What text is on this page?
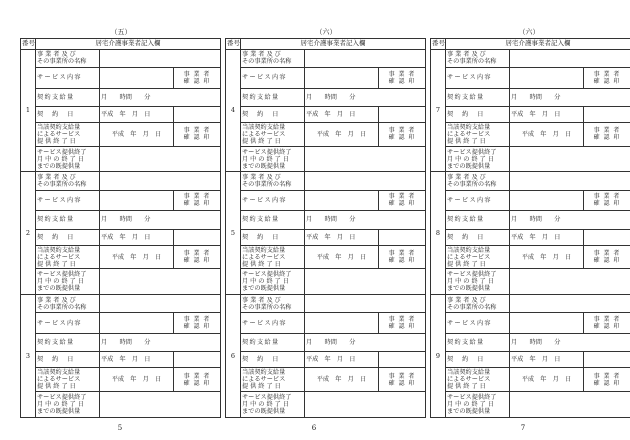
（五）
5
番号	居宅介護事業者記入欄		
1	事 業 者 及 び
その事業所の名称		

	サービス内容		事 業 者
確 認 印

	契約支給量	月　　時間　　分	
	契 約 日	平成　年　月　日	

	当該契約支給量
によるサービス
提 供 終 了 日	平成　年　月　日	事 業 者
確 認 印

	サービス提供終了
月 中 の 終 了 日
までの既提供量		

2	事 業 者 及 び
その事業所の名称		

	サービス内容		事 業 者
確 認 印

	契約支給量	月　　時間　　分	
	契 約 日	平成　年　月　日	

	当該契約支給量
によるサービス
提 供 終 了 日	平成　年　月　日	事 業 者
確 認 印

	サービス提供終了
月 中 の 終 了 日
までの既提供量		

3	事 業 者 及 び
その事業所の名称		

	サービス内容		事 業 者
確 認 印

	契約支給量	月　　時間　　分	
	契 約 日	平成　年　月　日	

	当該契約支給量
によるサービス
提 供 終 了 日	平成　年　月　日	事 業 者
確 認 印

	サービス提供終了
月 中 の 終 了 日
までの既提供量		

（六）
6
番号	居宅介護事業者記入欄		
4	事 業 者 及 び
その事業所の名称		

	サービス内容		事 業 者
確 認 印

	契約支給量	月　　時間　　分	
	契 約 日	平成　年　月　日	

	当該契約支給量
によるサービス
提 供 終 了 日	平成　年　月　日	事 業 者
確 認 印

	サービス提供終了
月 中 の 終 了 日
までの既提供量		

5	事 業 者 及 び
その事業所の名称		

	サービス内容		事 業 者
確 認 印

	契約支給量	月　　時間　　分	
	契 約 日	平成　年　月　日	

	当該契約支給量
によるサービス
提 供 終 了 日	平成　年　月　日	事 業 者
確 認 印

	サービス提供終了
月 中 の 終 了 日
までの既提供量		

6	事 業 者 及 び
その事業所の名称		

	サービス内容		事 業 者
確 認 印

	契約支給量	月　　時間　　分	
	契 約 日	平成　年　月　日	

	当該契約支給量
によるサービス
提 供 終 了 日	平成　年　月　日	事 業 者
確 認 印

	サービス提供終了
月 中 の 終 了 日
までの既提供量		

（六）
7
番号	居宅介護事業者記入欄		
7	事 業 者 及 び
その事業所の名称		

	サービス内容		事 業 者
確 認 印

	契約支給量	月　　時間　　分	
	契 約 日	平成　年　月　日	

	当該契約支給量
によるサービス
提 供 終 了 日	平成　年　月　日	事 業 者
確 認 印

	サービス提供終了
月 中 の 終 了 日
までの既提供量		

8	事 業 者 及 び
その事業所の名称		

	サービス内容		事 業 者
確 認 印

	契約支給量	月　　時間　　分	
	契 約 日	平成　年　月　日	

	当該契約支給量
によるサービス
提 供 終 了 日	平成　年　月　日	事 業 者
確 認 印

	サービス提供終了
月 中 の 終 了 日
までの既提供量		

9	事 業 者 及 び
その事業所の名称		

	サービス内容		事 業 者
確 認 印

	契約支給量	月　　時間　　分	
	契 約 日	平成　年　月　日	

	当該契約支給量
によるサービス
提 供 終 了 日	平成　年　月　日	事 業 者
確 認 印

	サービス提供終了
月 中 の 終 了 日
までの既提供量		
